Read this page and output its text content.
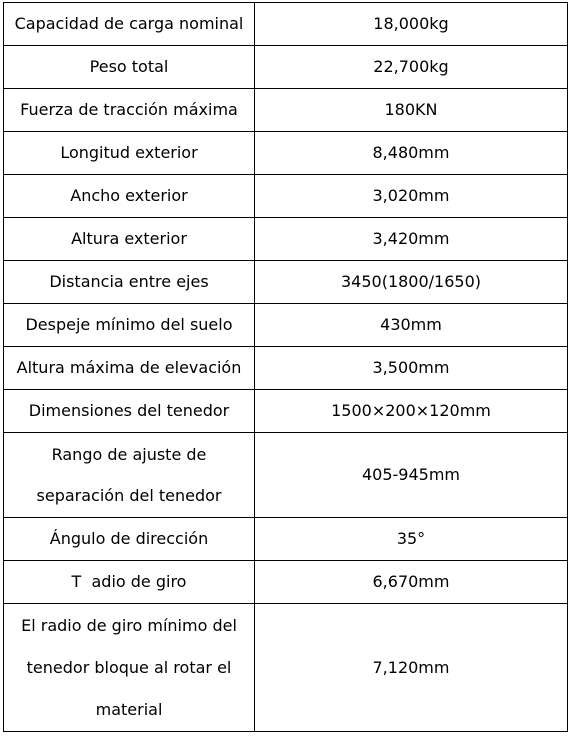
Capacidad de carga nominal	18,000kg
Peso total	22,700kg
Fuerza de tracción máxima	180KN
Longitud exterior	8,480mm
Ancho exterior	3,020mm
Altura exterior	3,420mm
Distancia entre ejes	3450(1800/1650)
Despeje mínimo del suelo	430mm
Altura máxima de elevación	3,500mm
Dimensiones del tenedor	1500×200×120mm
Rango de ajuste de separación del tenedor	405-945mm
Ángulo de dirección	35°
T  adio de giro	6,670mm
El radio de giro mínimo del tenedor bloque al rotar el material	7,120mm
